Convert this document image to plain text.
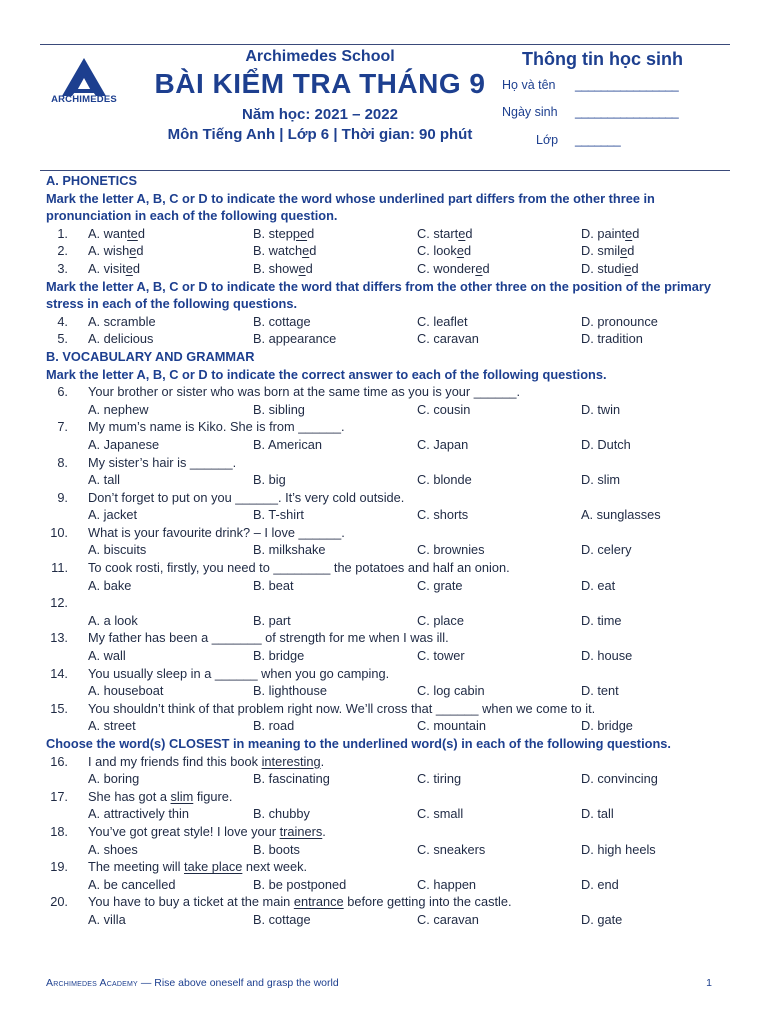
ARCHIMEDES
Archimedes School
BÀI KIỂM TRA THÁNG 9
Năm học: 2021 – 2022
Môn Tiếng Anh | Lớp 6 | Thời gian: 90 phút
Thông tin học sinh
Họ và tên ________________
Ngày sinh ________________
Lớp _______
A. PHONETICS
Mark the letter A, B, C or D to indicate the word whose underlined part differs from the other three in pronunciation in each of the following question.
1. A. wanted	B. stepped	C. started	D. painted
2. A. wished	B. watched	C. looked	D. smiled
3. A. visited	B. showed	C. wondered	D. studied
Mark the letter A, B, C or D to indicate the word that differs from the other three on the position of the primary stress in each of the following questions.
4. A. scramble	B. cottage	C. leaflet	D. pronounce
5. A. delicious	B. appearance	C. caravan	D. tradition
B. VOCABULARY AND GRAMMAR
Mark the letter A, B, C or D to indicate the correct answer to each of the following questions.
6. Your brother or sister who was born at the same time as you is your ______.
A. nephew	B. sibling	C. cousin	D. twin
7. My mum’s name is Kiko. She is from ______.
A. Japanese	B. American	C. Japan	D. Dutch
8. My sister’s hair is ______.
A. tall	B. big	C. blonde	D. slim
9. Don’t forget to put on you ______. It’s very cold outside.
A. jacket	B. T-shirt	C. shorts	A. sunglasses
10. What is your favourite drink? – I love ______.
A. biscuits	B. milkshake	C. brownies	D. celery
11. To cook rosti, firstly, you need to ________ the potatoes and half an onion.
A. bake	B. beat	C. grate	D. eat
12.
A. a look	B. part	C. place	D. time
13. My father has been a _______ of strength for me when I was ill.
A. wall	B. bridge	C. tower	D. house
14. You usually sleep in a ______ when you go camping.
A. houseboat	B. lighthouse	C. log cabin	D. tent
15. You shouldn’t think of that problem right now. We’ll cross that ______ when we come to it.
A. street	B. road	C. mountain	D. bridge
Choose the word(s) CLOSEST in meaning to the underlined word(s) in each of the following questions.
16. I and my friends find this book interesting.
A. boring	B. fascinating	C. tiring	D. convincing
17. She has got a slim figure.
A. attractively thin	B. chubby	C. small	D. tall
18. You’ve got great style! I love your trainers.
A. shoes	B. boots	C. sneakers	D. high heels
19. The meeting will take place next week.
A. be cancelled	B. be postponed	C. happen	D. end
20. You have to buy a ticket at the main entrance before getting into the castle.
A. villa	B. cottage	C. caravan	D. gate
Archimedes Academy — Rise above oneself and grasp the world	1
